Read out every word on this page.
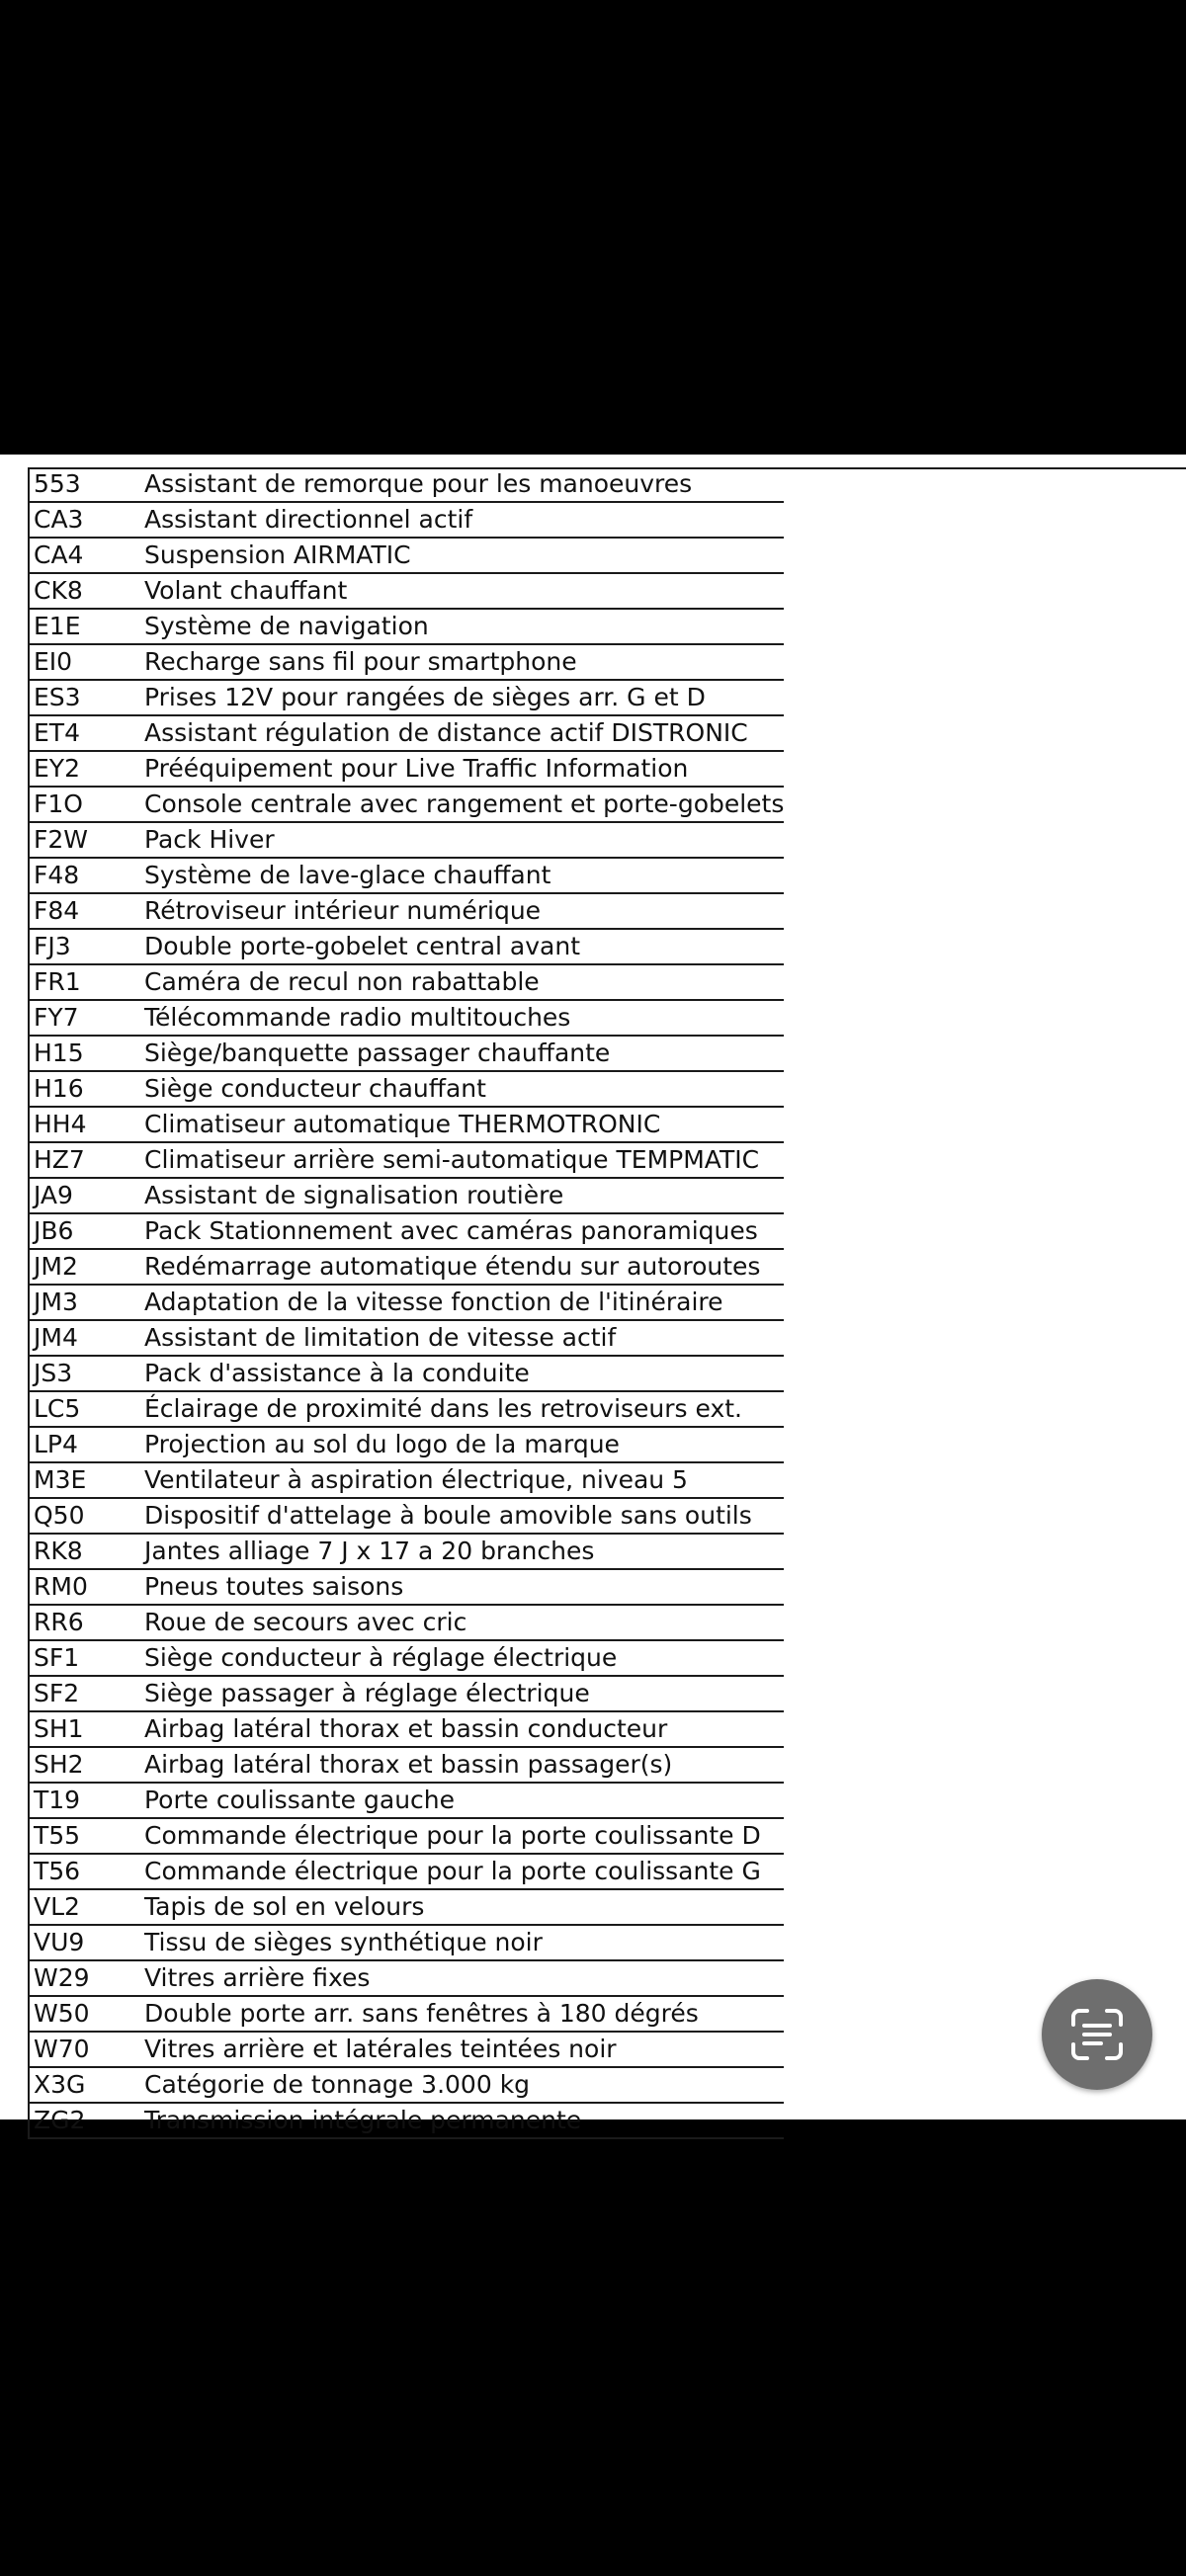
553	Assistant de remorque pour les manoeuvres
CA3	Assistant directionnel actif
CA4	Suspension AIRMATIC
CK8	Volant chauffant
E1E	Système de navigation
EI0	Recharge sans fil pour smartphone
ES3	Prises 12V pour rangées de sièges arr. G et D
ET4	Assistant régulation de distance actif DISTRONIC
EY2	Prééquipement pour Live Traffic Information
F1O	Console centrale avec rangement et porte-gobelets
F2W	Pack Hiver
F48	Système de lave-glace chauffant
F84	Rétroviseur intérieur numérique
FJ3	Double porte-gobelet central avant
FR1	Caméra de recul non rabattable
FY7	Télécommande radio multitouches
H15	Siège/banquette passager chauffante
H16	Siège conducteur chauffant
HH4	Climatiseur automatique THERMOTRONIC
HZ7	Climatiseur arrière semi-automatique TEMPMATIC
JA9	Assistant de signalisation routière
JB6	Pack Stationnement avec caméras panoramiques
JM2	Redémarrage automatique étendu sur autoroutes
JM3	Adaptation de la vitesse fonction de l'itinéraire
JM4	Assistant de limitation de vitesse actif
JS3	Pack d'assistance à la conduite
LC5	Éclairage de proximité dans les retroviseurs ext.
LP4	Projection au sol du logo de la marque
M3E	Ventilateur à aspiration électrique, niveau 5
Q50	Dispositif d'attelage à boule amovible sans outils
RK8	Jantes alliage 7 J x 17 a 20 branches
RM0	Pneus toutes saisons
RR6	Roue de secours avec cric
SF1	Siège conducteur à réglage électrique
SF2	Siège passager à réglage électrique
SH1	Airbag latéral thorax et bassin conducteur
SH2	Airbag latéral thorax et bassin passager(s)
T19	Porte coulissante gauche
T55	Commande électrique pour la porte coulissante D
T56	Commande électrique pour la porte coulissante G
VL2	Tapis de sol en velours
VU9	Tissu de sièges synthétique noir
W29	Vitres arrière fixes
W50	Double porte arr. sans fenêtres à 180 dégrés
W70	Vitres arrière et latérales teintées noir
X3G	Catégorie de tonnage 3.000 kg
ZG2	Transmission intégrale permanente
